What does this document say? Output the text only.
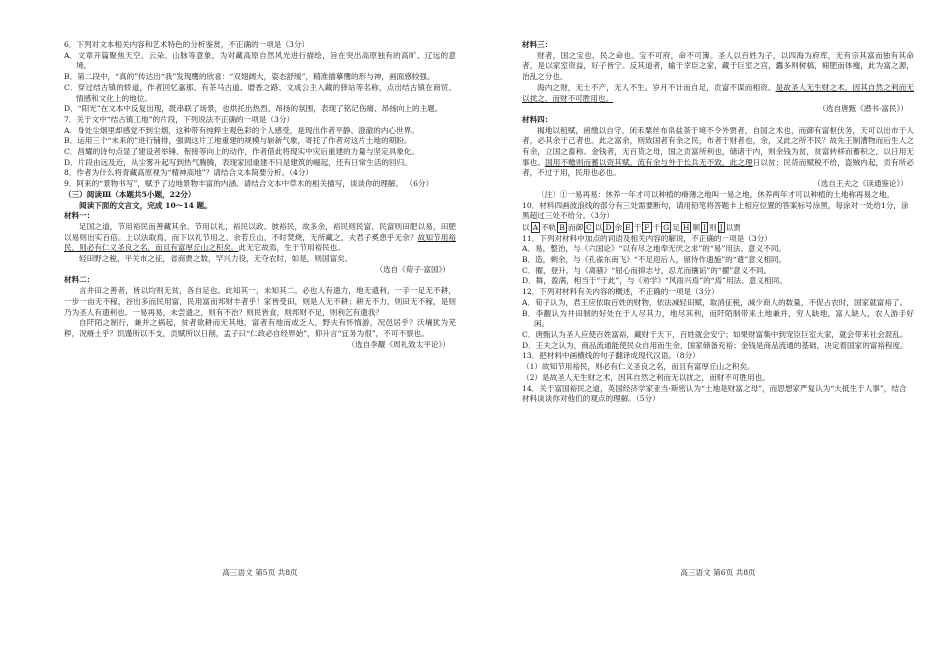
6．下列对文本相关内容和艺术特色的分析鉴赏，不正确的一项是（3分）

A．文章开篇聚焦天空、云朵、山脉等意象，为对藏高原自然风光进行描绘，旨在突出高原独有的高旷、辽远的意境。

B．第二段中，“真的”传达出“我”发现鹰的欣喜：“双翅阔大，姿态舒缓”，精准描摹鹰的形与神，画面感较强。

C．穿过结古镇的轿道，作者回忆嘉那、有茶马古道、磨香之路、文成公主入藏的驿站等名称，点出结古镇在商贸、情感和文化上的地位。

D．“阳光”在文本中反复出现，既串联了场景，也烘托出热烈、昂扬的氛围，表现了铭记伤痛、昂扬向上的主题。

7．关于文中“结古镇工地”的片段，下列说法不正确的一项是（3分）

A．身处尘烟里却感觉不到尘烟，这种带有纯粹主观色彩的个人感受，是现出作者平静、澄澈的内心世界。

B．运用三个“未来的”进行铺排，强调这片工地重建的规模与崭新气象，寄托了作者对这片土地的期盼。

C．昌耀的诗句点显了建设者举锤、衔接等向上的动作，作者借此将现实中灾后重建的力量与坚定具象化。

D．片段由远及近，从尘雾升起写到热气腾腾，表现家园重建不只是建筑的崛起，还有日常生活的回归。

8．作者为什么将青藏高原视为“精神高地”？请结合文本简要分析。（4分）

9．阿来的“景物书写”，赋予了边地景物丰富的内涵。请结合文本中草木的相关描写，谈谈你的理解。 （6分）

（三）阅读Ⅲ（本题共5小题，22分）

阅读下面的文言文，完成 10～14 题。

材料一：

足国之道，节用裕民而善藏其余。节用以礼，裕民以政。彼裕民，故多余，裕民则民富，民富则田肥以易，田肥以易则出实百倍。上以法取焉，而下以礼节用之。余若丘山，不时焚烧，无所藏之，夫君子奚患乎无余？故知节用裕民，则必有仁义圣良之名，而且有富厚丘山之积矣。此无它故焉，生于节用裕民也。

轻田野之税，平关市之征，省商贾之数，罕兴力役，无夺农时，如是，则国富矣。

（选自《荀子·富国》）

材料二：

言井田之善者，皆以均则无贫，各自足也。此知其一，未知其二。必也人有遗力，地无遗利，一手一足无不耕，一步一亩无不稼，谷出多而民用富，民用富而邦财丰者乎！家皆受田，则是人无不耕；耕无不力，则田无不稼，是则乃为圣人有遗利也。一易再易，未尝遗之，则有不治？则民皆食，则邦财不足，则利乞有遗我？

自阡陌之制行，兼并之祸起，贫者欲耕而无其地，富者有地而或乏人，野夫有怀惰游，况邑居乎？沃壤犹为芜秽，况瘠土乎？饥馑所以不支，贡赋所以日削，孟子曰“仁政必自经界始”，仰升言“宜务为很”，不可不察也。

（选自李觏《周礼致太平论》）

高三语文 第5页 共8页

材料三：

财者，国之宝也，民之命也。宝不可府，命不可簿。圣人以百姓为子，以四海为府库，无有宗其富而独有其命者，是以家室资益，好子皆宁。反其道者，输于幸臣之家，藏于巨室之宫，蠹多则树槁，痈肥而体瘦，此为富之源，治乱之分也。

海内之财，无土不产，无人不生。岁月不计而自足，贡富不谋而相资。是故圣人无生财之术，因其自然之利而无以扰之，而财不可胜用也。

（选自唐甄《潜书·富民》）

材料四：

揭地以租赋，函缴以自守，闭禾粟丝布帛盐荼于境不令外贾者，自国之术也，而御有富枢伏务，天可以出市于人者，必其余于己者也。此之富余，则致国者有余之民，布者于财者也，余，又此之所不民？故先王制漕物而后生人之有余，立国之畜称。金钱者，无百货之母，国之贡富所利也，储诸于内，则余钱为贫，贫富转移而蓄积之，以日用无事也。国用不赡则而蓄以资其赋，流有余与外于长兵无不致，此之理日以贫；民货而赋税不给，盗贼内起，贡有所必者，不过于用，民用也必也。

（选自王夫之《读通鉴论》）

〔注〕①一易再易：休养一年才可以种植的瘠薄之地叫一易之地，休养两年才可以种植的土地称再易之地。

10．材料四画波浪线的部分有三处需要断句，请用铅笔将答题卡上相应位置的答案标号涂黑，每涂对一处给1分，涂黑超过三处不给分。（3分）

以 A 不轨 B 而御 C 以 D 余 E 于 F 千 G 足 H 顺 I 则 J 以贾

11．下列对材料中加点的词语及相关内容的解说，不正确的一项是（3分）

A．易，整治，与《六国论》“以有尽之地奉无厌之求”的“易”用法、意义不同。

B．造，剩余，与《孔雀东南飞》“不足迎后人，留待作遗施”的“遗”意义相同。

C．擢，登升，与《离骚》“屈心而抑志兮，忍尤而攘诟”的“擢”意义不同。

D．舞，盈满，相当于“于此”，与《劝学》“风雨兴焉”的“焉”用法、意义相同。

12．下列对材料有关内容的概述，不正确的一项是（3分）

A．荀子认为，君王应依取百姓的财物，依法减轻田赋，取消征税，减少商人的数量，不促占农时，国家就富裕了。

B．李觏认为井田制的好处在于人尽其力，地尽其利，而阡陌制带来土地兼并，穷人缺地，富人缺人，农人游手好闲。

C．唐甄认为圣人应使百姓富裕，藏财于天下，百姓就会安宁；如果财富集中到宠臣巨室大家，就会带来社会混乱。

D．王夫之认为，商品流通能使民众自用而生余，国家储备充裕；金钱是商品流通的基础，决定着国家的富裕程度。

13．把材料中画横线的句子翻译成现代汉语。（8分）

（1）故知节用裕民，则必有仁义圣良之名，而且有富厚丘山之积矣。

（2）是故圣人无生财之术，因其自然之利而无以扰之，而财不可胜用也。

14．关于富国裕民之道，英国经济学家亚当·斯密认为“土地是财富之母”，而思想家严复认为“大抵生于人事”，结合材料谈谈你对他们的观点的理解。（5分）

高三语文 第6页 共8页
